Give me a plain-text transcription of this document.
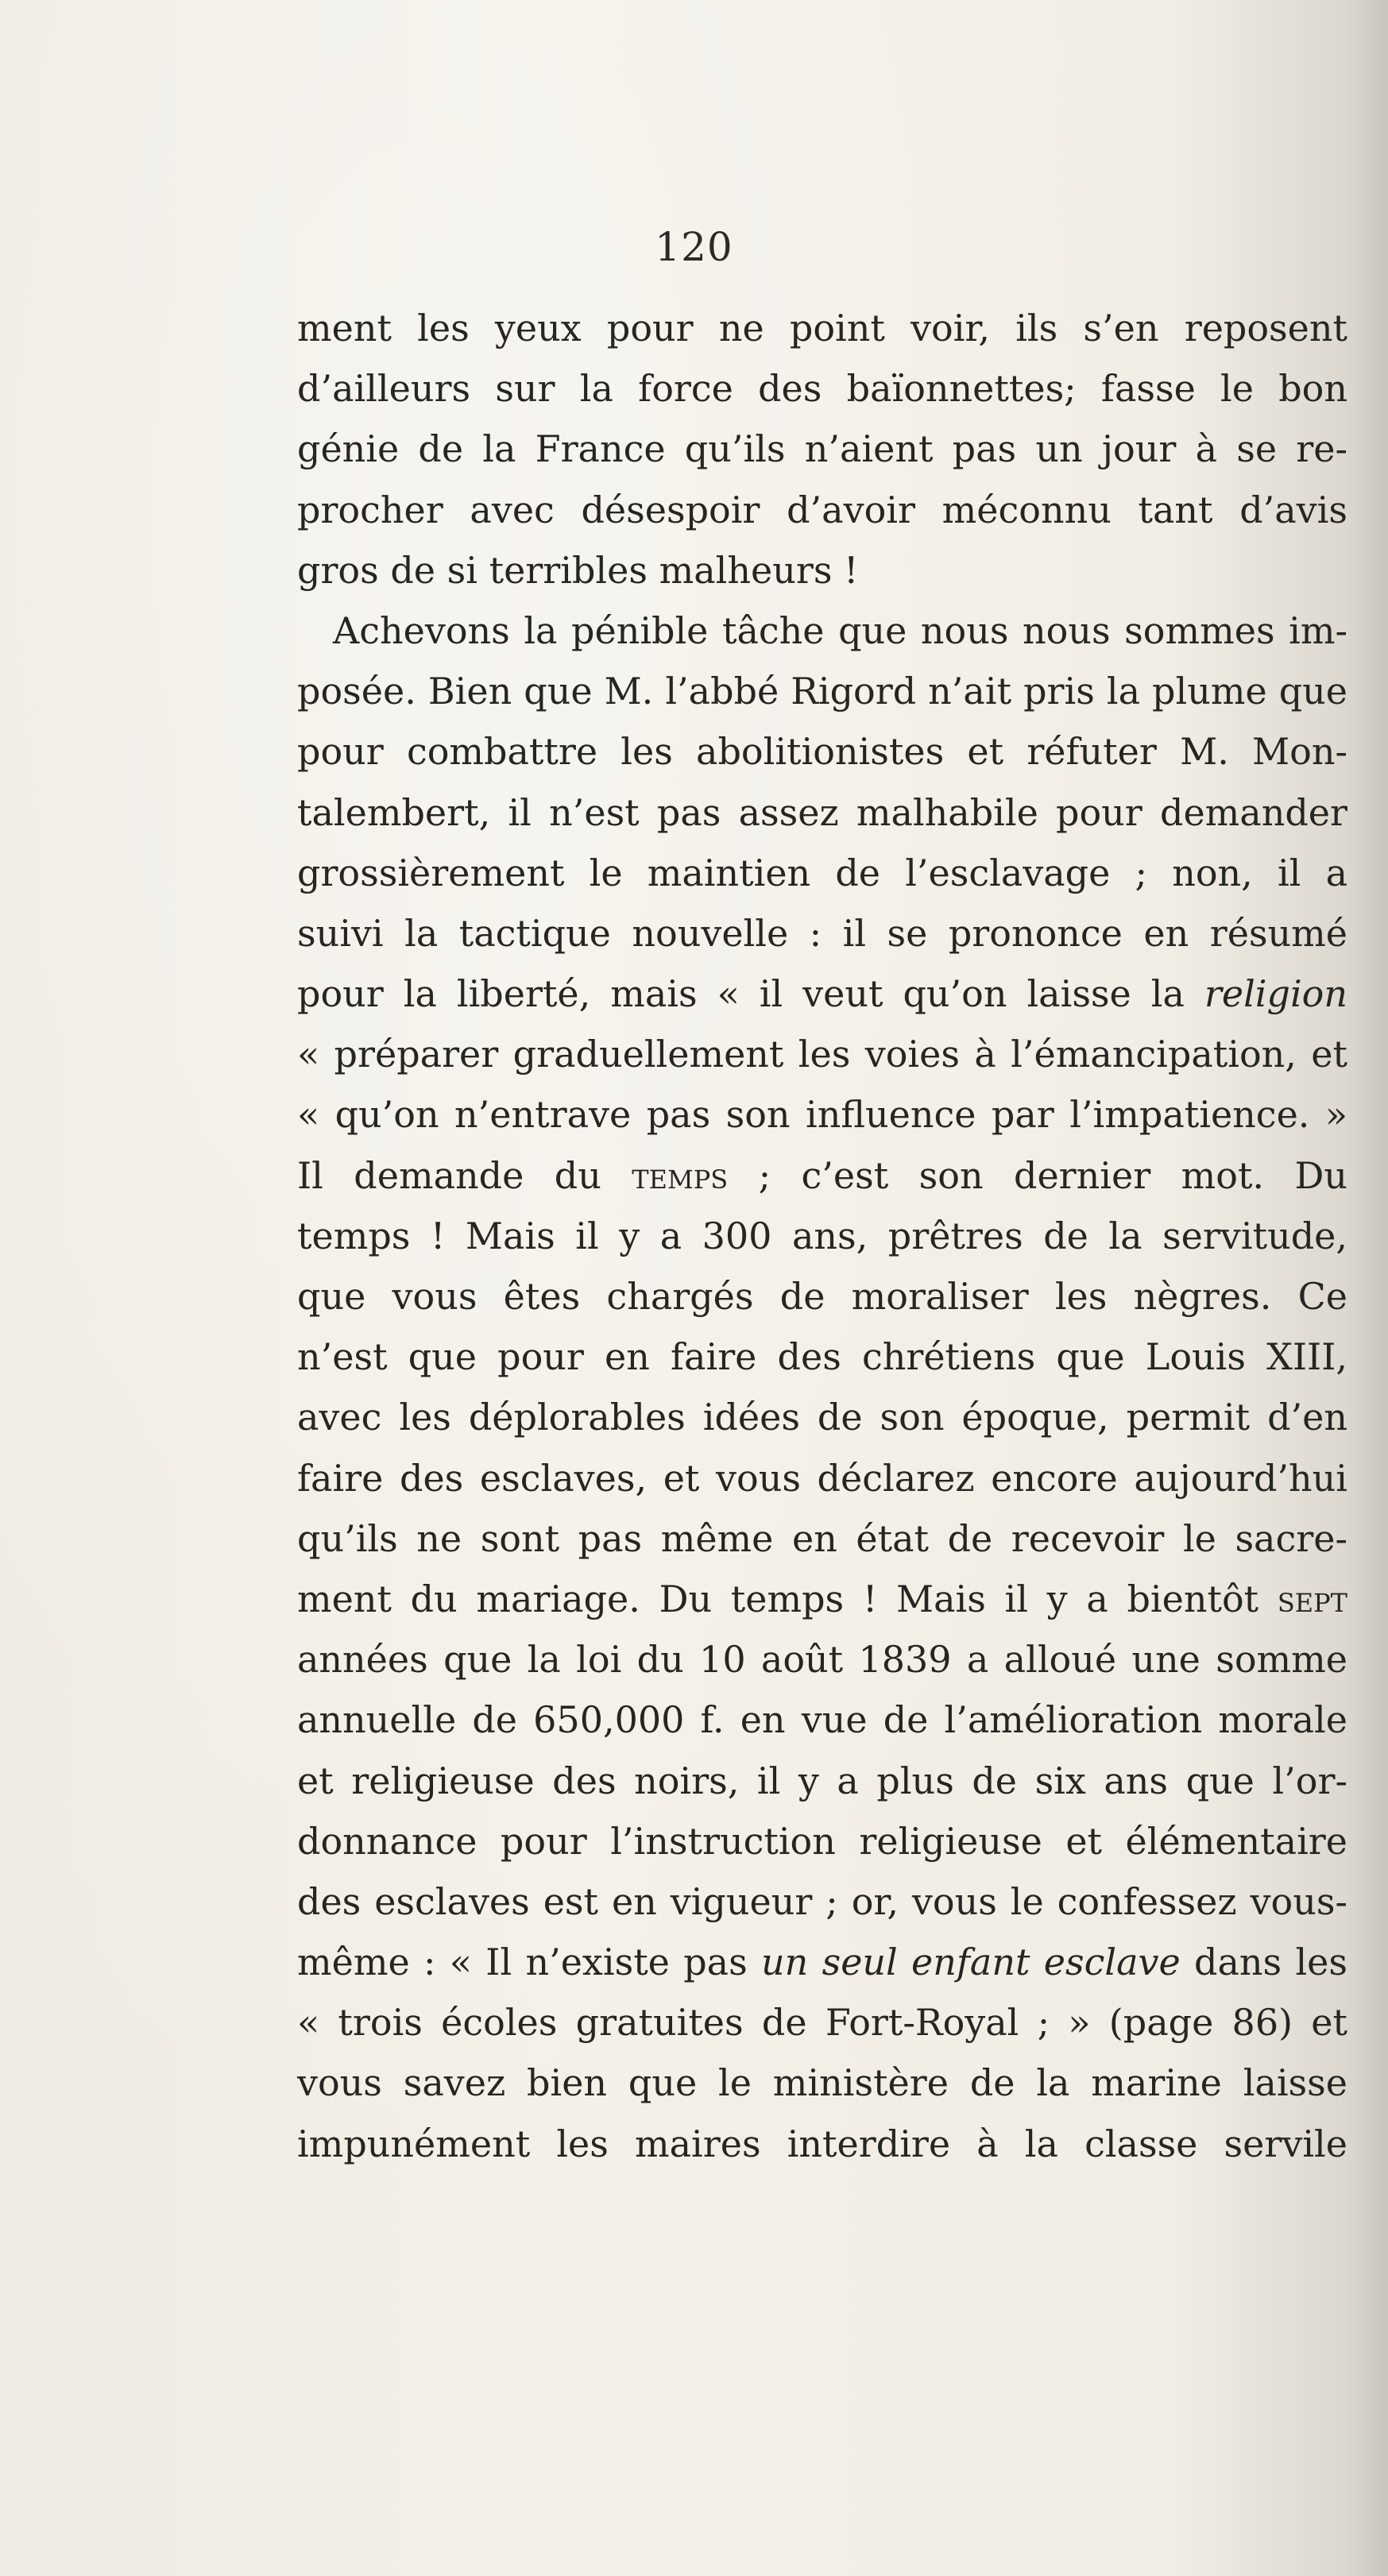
120
ment les yeux pour ne point voir, ils s’en reposent
d’ailleurs sur la force des baïonnettes; fasse le bon
génie de la France qu’ils n’aient pas un jour à se re-
procher avec désespoir d’avoir méconnu tant d’avis
gros de si terribles malheurs !
Achevons la pénible tâche que nous nous sommes im-
posée. Bien que M. l’abbé Rigord n’ait pris la plume que
pour combattre les abolitionistes et réfuter M. Mon-
talembert, il n’est pas assez malhabile pour demander
grossièrement le maintien de l’esclavage ; non, il a
suivi la tactique nouvelle : il se prononce en résumé
pour la liberté, mais « il veut qu’on laisse la religion
« préparer graduellement les voies à l’émancipation, et
« qu’on n’entrave pas son influence par l’impatience. »
Il demande du temps ; c’est son dernier mot. Du
temps ! Mais il y a 300 ans, prêtres de la servitude,
que vous êtes chargés de moraliser les nègres. Ce
n’est que pour en faire des chrétiens que Louis XIII,
avec les déplorables idées de son époque, permit d’en
faire des esclaves, et vous déclarez encore aujourd’hui
qu’ils ne sont pas même en état de recevoir le sacre-
ment du mariage. Du temps ! Mais il y a bientôt sept
années que la loi du 10 août 1839 a alloué une somme
annuelle de 650,000 f. en vue de l’amélioration morale
et religieuse des noirs, il y a plus de six ans que l’or-
donnance pour l’instruction religieuse et élémentaire
des esclaves est en vigueur ; or, vous le confessez vous-
même : « Il n’existe pas un seul enfant esclave dans les
« trois écoles gratuites de Fort-Royal ; » (page 86) et
vous savez bien que le ministère de la marine laisse
impunément les maires interdire à la classe servile
